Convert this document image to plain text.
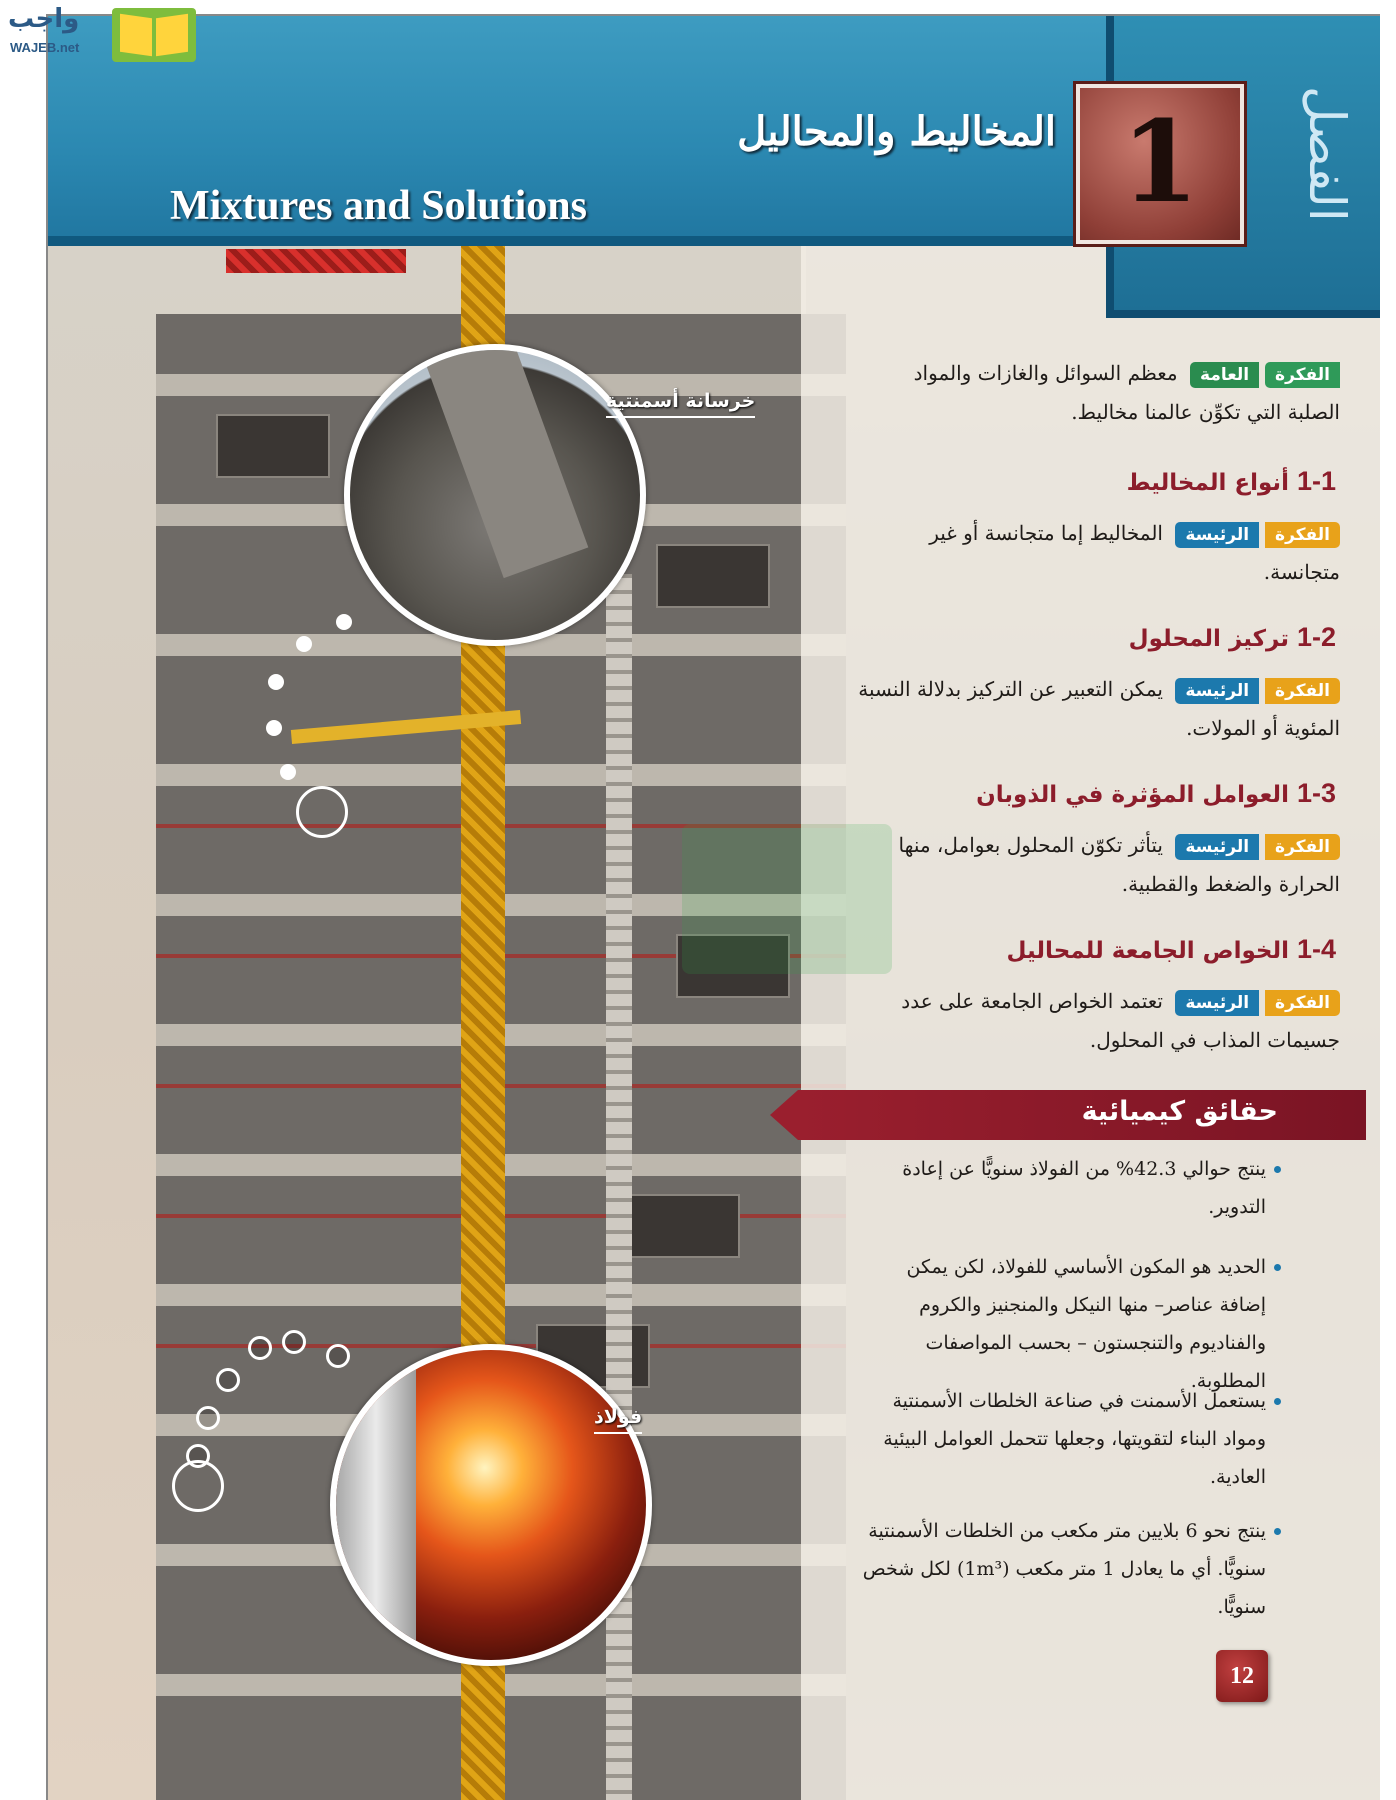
الفصل
1
المخاليط والمحاليل
Mixtures and Solutions
خرسانة أسمنتية
فولاذ
الفكرةالعامة معظم السوائل والغازات والمواد الصلبة التي تكوِّن عالمنا مخاليط.
1-1أنواع المخاليط
الفكرةالرئيسة المخاليط إما متجانسة أو غير متجانسة.
1-2تركيز المحلول
الفكرةالرئيسة يمكن التعبير عن التركيز بدلالة النسبة المئوية أو المولات.
1-3العوامل المؤثرة في الذوبان
الفكرةالرئيسة يتأثر تكوّن المحلول بعوامل، منها الحرارة والضغط والقطبية.
1-4الخواص الجامعة للمحاليل
الفكرةالرئيسة تعتمد الخواص الجامعة على عدد جسيمات المذاب في المحلول.
حقائق كيميائية
ينتج حوالي 42.3% من الفولاذ سنويًّا عن إعادة التدوير.
الحديد هو المكون الأساسي للفولاذ، لكن يمكن إضافة عناصر– منها النيكل والمنجنيز والكروم والفناديوم والتنجستون – بحسب المواصفات المطلوبة.
يستعمل الأسمنت في صناعة الخلطات الأسمنتية ومواد البناء لتقويتها، وجعلها تتحمل العوامل البيئية العادية.
ينتج نحو 6 بلايين متر مكعب من الخلطات الأسمنتية سنويًّا. أي ما يعادل 1 متر مكعب (1m³) لكل شخص سنويًّا.
12
واجب
WAJEB.net
